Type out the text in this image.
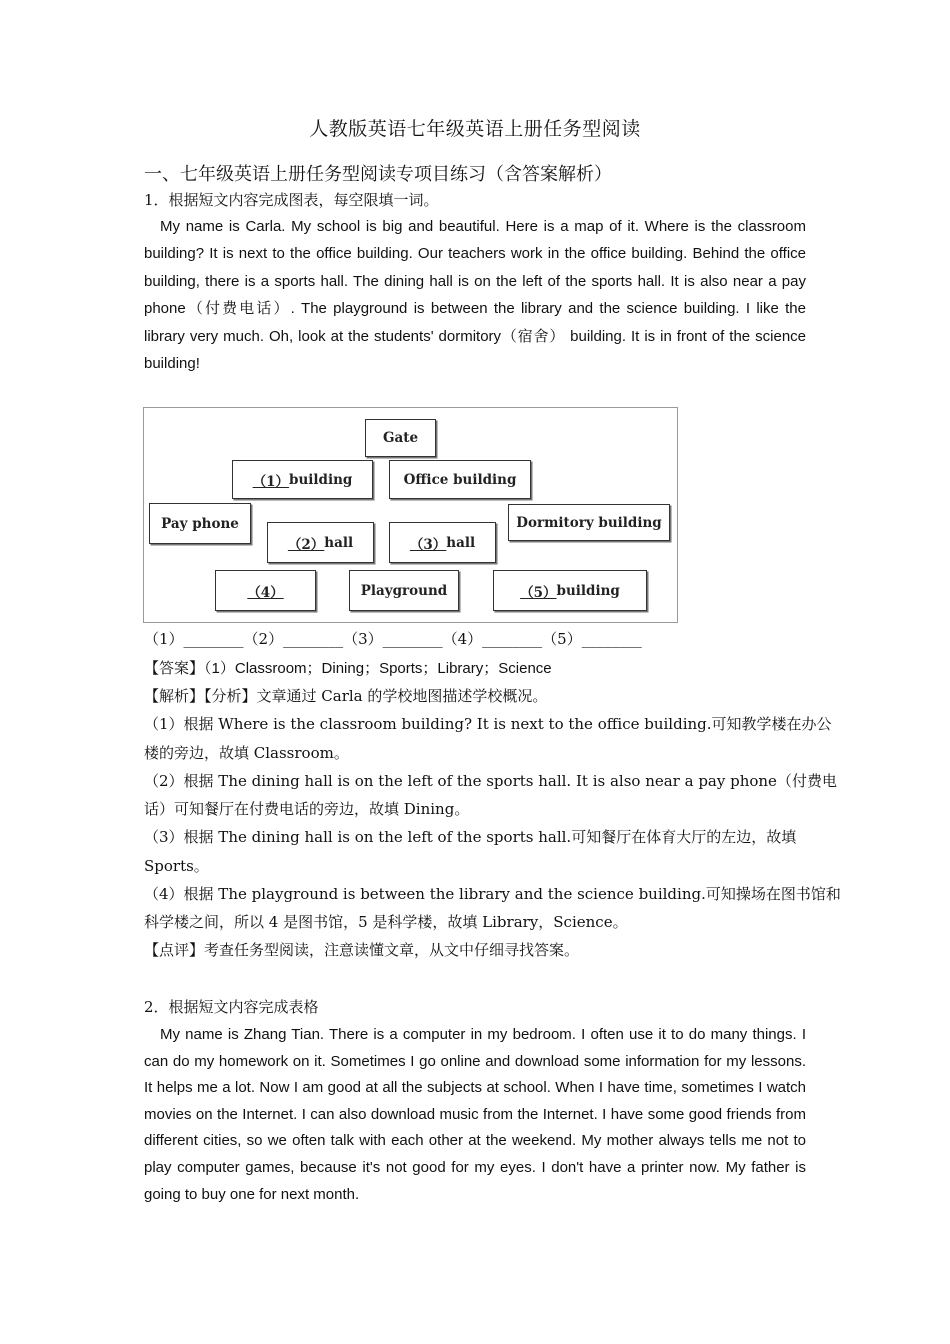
人教版英语七年级英语上册任务型阅读
一、七年级英语上册任务型阅读专项目练习（含答案解析）
1．根据短文内容完成图表，每空限填一词。
My name is Carla. My school is big and beautiful. Here is a map of it. Where is the classroom building? It is next to the office building. Our teachers work in the office building. Behind the office building, there is a sports hall. The dining hall is on the left of the sports hall. It is also near a pay phone（付费电话）. The playground is between the library and the science building. I like the library very much. Oh, look at the students' dormitory（宿舍） building. It is in front of the science building!
Gate
（1） building	Office building
Pay phone	Dormitory building
（2） hall	（3） hall
（4）	Playground	（5） building
（1）________（2）________（3）________（4）________（5）________
【答案】（1）Classroom；Dining；Sports；Library；Science
【解析】【分析】文章通过 Carla 的学校地图描述学校概况。
（1）根据 Where is the classroom building? It is next to the office building.可知教学楼在办公
楼的旁边，故填 Classroom。
（2）根据 The dining hall is on the left of the sports hall. It is also near a pay phone（付费电
话）可知餐厅在付费电话的旁边，故填 Dining。
（3）根据 The dining hall is on the left of the sports hall.可知餐厅在体育大厅的左边，故填
Sports。
（4）根据 The playground is between the library and the science building.可知操场在图书馆和
科学楼之间，所以 4 是图书馆，5 是科学楼，故填 Library，Science。
【点评】考查任务型阅读，注意读懂文章，从文中仔细寻找答案。
2．根据短文内容完成表格
My name is Zhang Tian. There is a computer in my bedroom. I often use it to do many things. I can do my homework on it. Sometimes I go online and download some information for my lessons. It helps me a lot. Now I am good at all the subjects at school. When I have time, sometimes I watch movies on the Internet. I can also download music from the Internet. I have some good friends from different cities, so we often talk with each other at the weekend. My mother always tells me not to play computer games, because it's not good for my eyes. I don't have a printer now. My father is going to buy one for next month.
